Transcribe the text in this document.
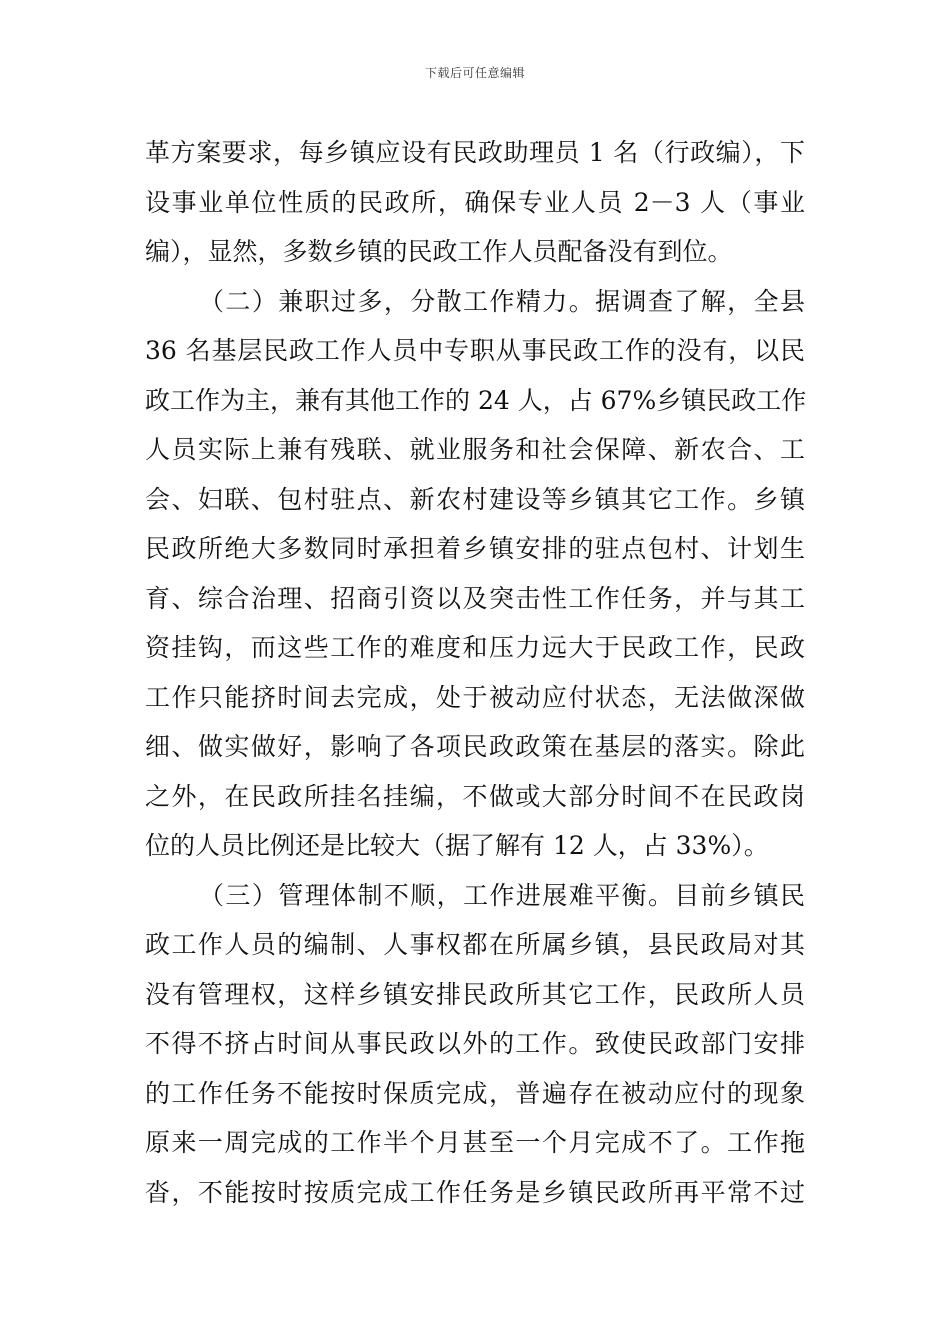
下载后可任意编辑
革方案要求，每乡镇应设有民政助理员 1 名（行政编），下
设事业单位性质的民政所，确保专业人员 2－3 人（事业
编），显然，多数乡镇的民政工作人员配备没有到位。
（二）兼职过多，分散工作精力。据调查了解，全县
36 名基层民政工作人员中专职从事民政工作的没有，以民
政工作为主，兼有其他工作的 24 人，占 67%乡镇民政工作
人员实际上兼有残联、就业服务和社会保障、新农合、工
会、妇联、包村驻点、新农村建设等乡镇其它工作。乡镇
民政所绝大多数同时承担着乡镇安排的驻点包村、计划生
育、综合治理、招商引资以及突击性工作任务，并与其工
资挂钩，而这些工作的难度和压力远大于民政工作，民政
工作只能挤时间去完成，处于被动应付状态，无法做深做
细、做实做好，影响了各项民政政策在基层的落实。除此
之外，在民政所挂名挂编，不做或大部分时间不在民政岗
位的人员比例还是比较大（据了解有 12 人，占 33%）。
（三）管理体制不顺，工作进展难平衡。目前乡镇民
政工作人员的编制、人事权都在所属乡镇，县民政局对其
没有管理权，这样乡镇安排民政所其它工作，民政所人员
不得不挤占时间从事民政以外的工作。致使民政部门安排
的工作任务不能按时保质完成，普遍存在被动应付的现象
原来一周完成的工作半个月甚至一个月完成不了。工作拖
沓，不能按时按质完成工作任务是乡镇民政所再平常不过
